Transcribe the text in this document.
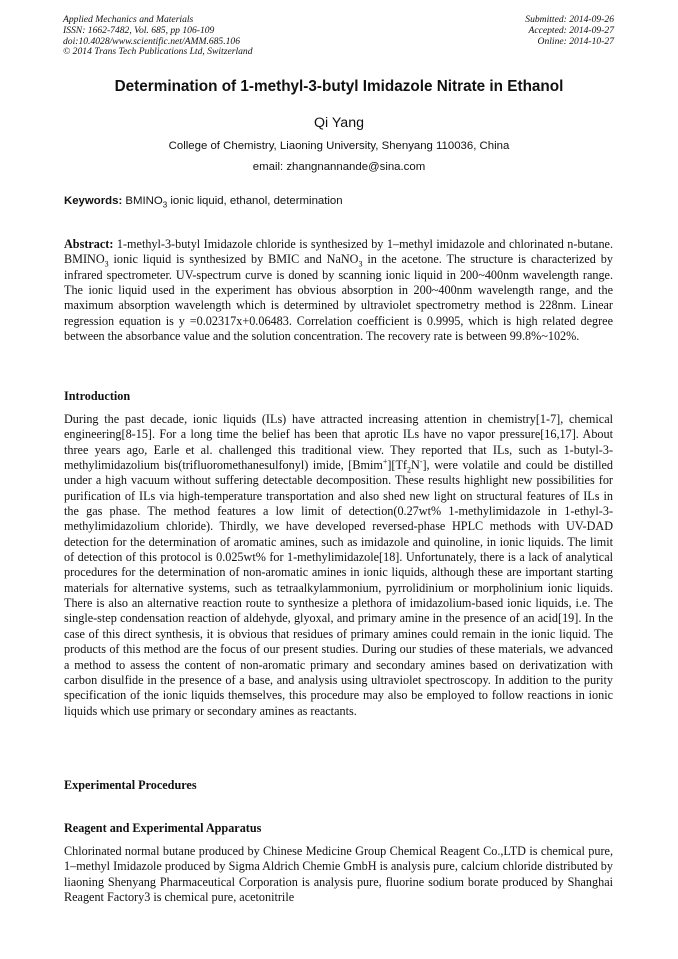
Applied Mechanics and Materials
ISSN: 1662-7482, Vol. 685, pp 106-109
doi:10.4028/www.scientific.net/AMM.685.106
© 2014 Trans Tech Publications Ltd, Switzerland
Submitted: 2014-09-26
Accepted: 2014-09-27
Online: 2014-10-27
Determination of 1-methyl-3-butyl Imidazole Nitrate in Ethanol
Qi Yang
College of Chemistry, Liaoning University, Shenyang 110036, China
email: zhangnannande@sina.com
Keywords: $BMINO_3$ ionic liquid, ethanol, determination
Abstract: 1-methyl-3-butyl Imidazole chloride is synthesized by 1–methyl imidazole and chlorinated n-butane. $BMINO_3$ ionic liquid is synthesized by BMIC and NaNO$_3$ in the acetone. The structure is characterized by infrared spectrometer. UV-spectrum curve is doned by scanning ionic liquid in 200~400nm wavelength range. The ionic liquid used in the experiment has obvious absorption in 200~400nm wavelength range, and the maximum absorption wavelength which is determined by ultraviolet spectrometry method is 228nm. Linear regression equation is y =0.02317x+0.06483. Correlation coefficient is 0.9995, which is high related degree between the absorbance value and the solution concentration. The recovery rate is between 99.8%~102%.
Introduction
During the past decade, ionic liquids (ILs) have attracted increasing attention in chemistry[1-7], chemical engineering[8-15]. For a long time the belief has been that aprotic ILs have no vapor pressure[16,17]. About three years ago, Earle et al. challenged this traditional view. They reported that ILs, such as 1-butyl-3-methylimidazolium bis(trifluoromethanesulfonyl) imide, $[Bmim^+][Tf_2N^-]$, were volatile and could be distilled under a high vacuum without suffering detectable decomposition. These results highlight new possibilities for purification of ILs via high-temperature transportation and also shed new light on structural features of ILs in the gas phase. The method features a low limit of detection(0.27wt% 1-methylimidazole in 1-ethyl-3-methylimidazolium chloride). Thirdly, we have developed reversed-phase HPLC methods with UV-DAD detection for the determination of aromatic amines, such as imidazole and quinoline, in ionic liquids. The limit of detection of this protocol is 0.025wt% for 1-methylimidazole[18]. Unfortunately, there is a lack of analytical procedures for the determination of non-aromatic amines in ionic liquids, although these are important starting materials for alternative systems, such as tetraalkylammonium, pyrrolidinium or morpholinium ionic liquids. There is also an alternative reaction route to synthesize a plethora of imidazolium-based ionic liquids, i.e. The single-step condensation reaction of aldehyde, glyoxal, and primary amine in the presence of an acid[19]. In the case of this direct synthesis, it is obvious that residues of primary amines could remain in the ionic liquid. The products of this method are the focus of our present studies. During our studies of these materials, we advanced a method to assess the content of non-aromatic primary and secondary amines based on derivatization with carbon disulfide in the presence of a base, and analysis using ultraviolet spectroscopy. In addition to the purity specification of the ionic liquids themselves, this procedure may also be employed to follow reactions in ionic liquids which use primary or secondary amines as reactants.
Experimental Procedures
Reagent and Experimental Apparatus
Chlorinated normal butane produced by Chinese Medicine Group Chemical Reagent Co.,LTD is chemical pure, 1–methyl Imidazole produced by Sigma Aldrich Chemie GmbH is analysis pure, calcium chloride distributed by liaoning Shenyang Pharmaceutical Corporation is analysis pure, fluorine sodium borate produced by Shanghai Reagent Factory3 is chemical pure, acetonitrile
